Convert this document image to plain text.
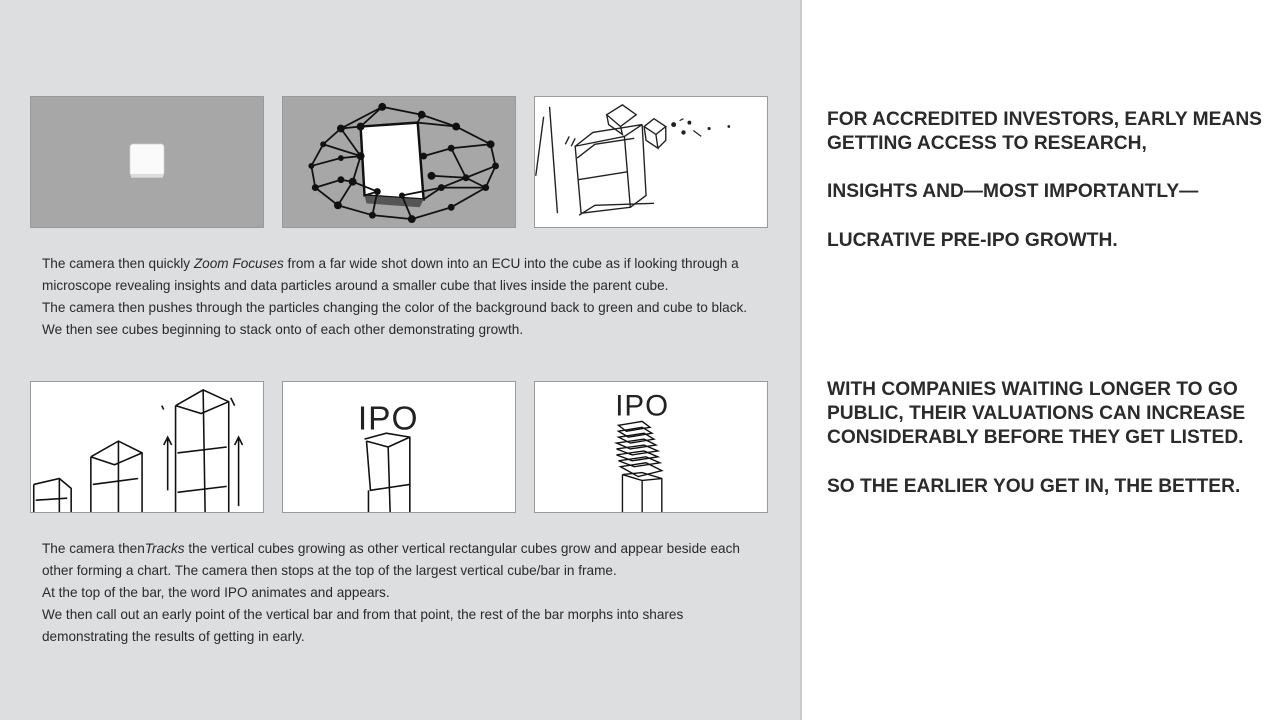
The camera then quickly Zoom Focuses from a far wide shot down into an ECU into the cube as if looking through a microscope revealing insights and data particles around a smaller cube that lives inside the parent cube.

The camera then pushes through the particles changing the color of the background back to green and cube to black.

We then see cubes beginning to stack onto of each other demonstrating growth.

IPO	IPO

The camera thenTracks the vertical cubes growing as other vertical rectangular cubes grow and appear beside each other forming a chart. The camera then stops at the top of the largest vertical cube/bar in frame.

At the top of the bar, the word IPO animates and appears.

We then call out an early point of the vertical bar and from that point, the rest of the bar morphs into shares demonstrating the results of getting in early.

FOR ACCREDITED INVESTORS, EARLY MEANS GETTING ACCESS TO RESEARCH,

INSIGHTS AND—MOST IMPORTANTLY—

LUCRATIVE PRE-IPO GROWTH.

WITH COMPANIES WAITING LONGER TO GO PUBLIC, THEIR VALUATIONS CAN INCREASE CONSIDERABLY BEFORE THEY GET LISTED.

SO THE EARLIER YOU GET IN, THE BETTER.
